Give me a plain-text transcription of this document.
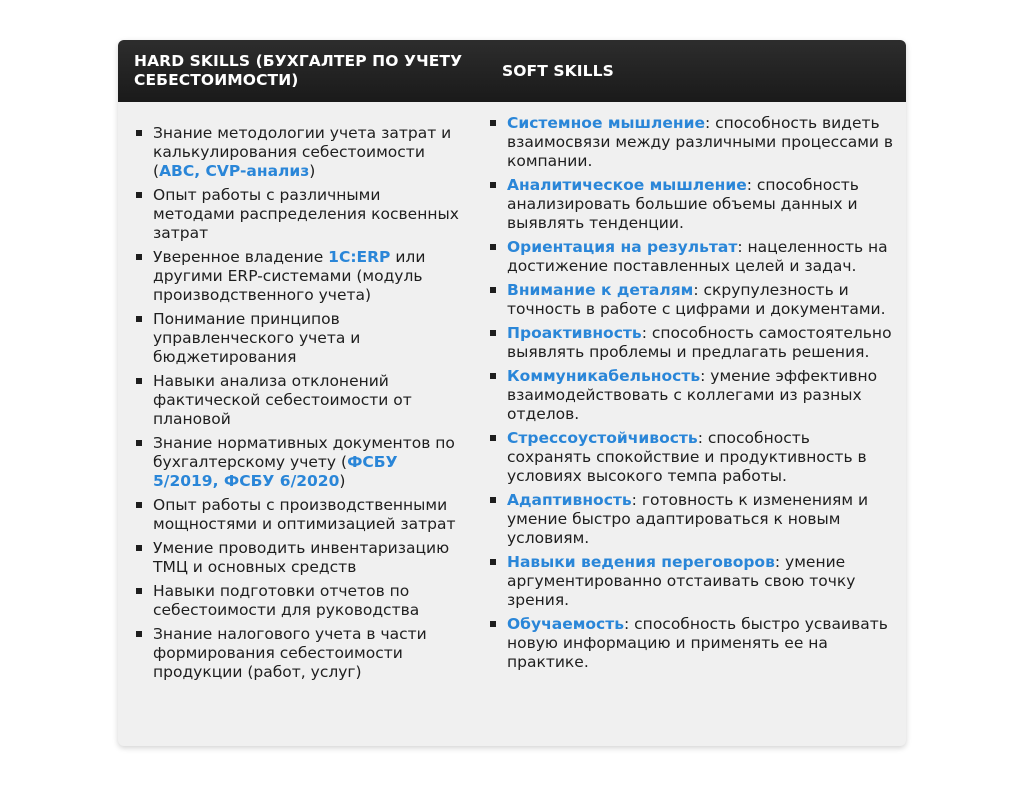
HARD SKILLS (БУХГАЛТЕР ПО УЧЕТУ СЕБЕСТОИМОСТИ)
SOFT SKILLS
Знание методологии учета затрат и калькулирования себестоимости (ABC, CVP-анализ)
Опыт работы с различными методами распределения косвенных затрат
Уверенное владение 1С:ERP или другими ERP-системами (модуль производственного учета)
Понимание принципов управленческого учета и бюджетирования
Навыки анализа отклонений фактической себестоимости от плановой
Знание нормативных документов по бухгалтерскому учету (ФСБУ 5/2019, ФСБУ 6/2020)
Опыт работы с производственными мощностями и оптимизацией затрат
Умение проводить инвентаризацию ТМЦ и основных средств
Навыки подготовки отчетов по себестоимости для руководства
Знание налогового учета в части формирования себестоимости продукции (работ, услуг)
Системное мышление: способность видеть взаимосвязи между различными процессами в компании.
Аналитическое мышление: способность анализировать большие объемы данных и выявлять тенденции.
Ориентация на результат: нацеленность на достижение поставленных целей и задач.
Внимание к деталям: скрупулезность и точность в работе с цифрами и документами.
Проактивность: способность самостоятельно выявлять проблемы и предлагать решения.
Коммуникабельность: умение эффективно взаимодействовать с коллегами из разных отделов.
Стрессоустойчивость: способность сохранять спокойствие и продуктивность в условиях высокого темпа работы.
Адаптивность: готовность к изменениям и умение быстро адаптироваться к новым условиям.
Навыки ведения переговоров: умение аргументированно отстаивать свою точку зрения.
Обучаемость: способность быстро усваивать новую информацию и применять ее на практике.
